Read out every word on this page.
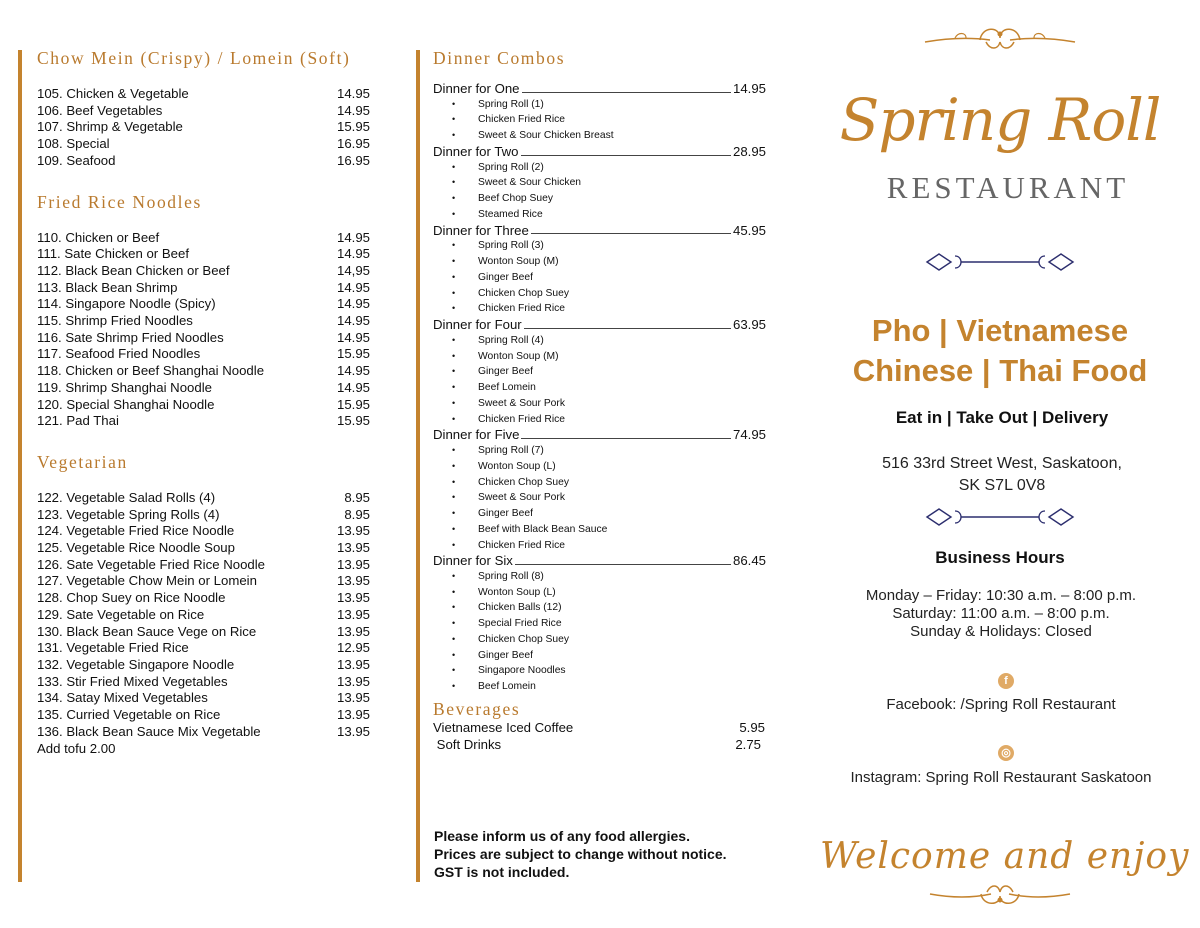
Chow Mein (Crispy) / Lomein (Soft)
105. Chicken & Vegetable	14.95
106. Beef Vegetables	14.95
107. Shrimp & Vegetable	15.95
108. Special	16.95
109. Seafood	16.95
Fried Rice Noodles
110. Chicken or Beef	14.95
111. Sate Chicken or Beef	14.95
112. Black Bean Chicken or Beef	14,95
113. Black Bean Shrimp	14.95
114. Singapore Noodle (Spicy)	14.95
115. Shrimp Fried Noodles	14.95
116. Sate Shrimp Fried Noodles	14.95
117. Seafood Fried Noodles	15.95
118. Chicken or Beef Shanghai Noodle	14.95
119. Shrimp Shanghai Noodle	14.95
120. Special Shanghai Noodle	15.95
121. Pad Thai	15.95
Vegetarian
122. Vegetable Salad Rolls (4)	8.95
123. Vegetable Spring Rolls (4)	8.95
124. Vegetable Fried Rice Noodle	13.95
125. Vegetable Rice Noodle Soup	13.95
126. Sate Vegetable Fried Rice Noodle	13.95
127. Vegetable Chow Mein or Lomein	13.95
128. Chop Suey on Rice Noodle	13.95
129. Sate Vegetable on Rice	13.95
130. Black Bean Sauce Vege on Rice	13.95
131. Vegetable Fried Rice	12.95
132. Vegetable Singapore Noodle	13.95
133. Stir Fried Mixed Vegetables	13.95
134. Satay Mixed Vegetables	13.95
135. Curried Vegetable on Rice	13.95
136. Black Bean Sauce Mix Vegetable	13.95
Add tofu 2.00
Dinner Combos
Dinner for One	14.95
• Spring Roll (1)
• Chicken Fried Rice
• Sweet & Sour Chicken Breast
Dinner for Two	28.95
• Spring Roll (2)
• Sweet & Sour Chicken
• Beef Chop Suey
• Steamed Rice
Dinner for Three	45.95
• Spring Roll (3)
• Wonton Soup (M)
• Ginger Beef
• Chicken Chop Suey
• Chicken Fried Rice
Dinner for Four	63.95
• Spring Roll (4)
• Wonton Soup (M)
• Ginger Beef
• Beef Lomein
• Sweet & Sour Pork
• Chicken Fried Rice
Dinner for Five	74.95
• Spring Roll (7)
• Wonton Soup (L)
• Chicken Chop Suey
• Sweet & Sour Pork
• Ginger Beef
• Beef with Black Bean Sauce
• Chicken Fried Rice
Dinner for Six	86.45
• Spring Roll (8)
• Wonton Soup (L)
• Chicken Balls (12)
• Special Fried Rice
• Chicken Chop Suey
• Ginger Beef
• Singapore Noodles
• Beef Lomein
Beverages
Vietnamese Iced Coffee	5.95
Soft Drinks	2.75
Please inform us of any food allergies.
Prices are subject to change without notice.
GST is not included.
Spring Roll
RESTAURANT
Pho | Vietnamese
Chinese | Thai Food
Eat in | Take Out | Delivery
516 33rd Street West, Saskatoon,
SK S7L 0V8
Business Hours
Monday – Friday: 10:30 a.m. – 8:00 p.m.
Saturday: 11:00 a.m. – 8:00 p.m.
Sunday & Holidays: Closed
f
Facebook: /Spring Roll Restaurant
◎
Instagram: Spring Roll Restaurant Saskatoon
Welcome and enjoy
